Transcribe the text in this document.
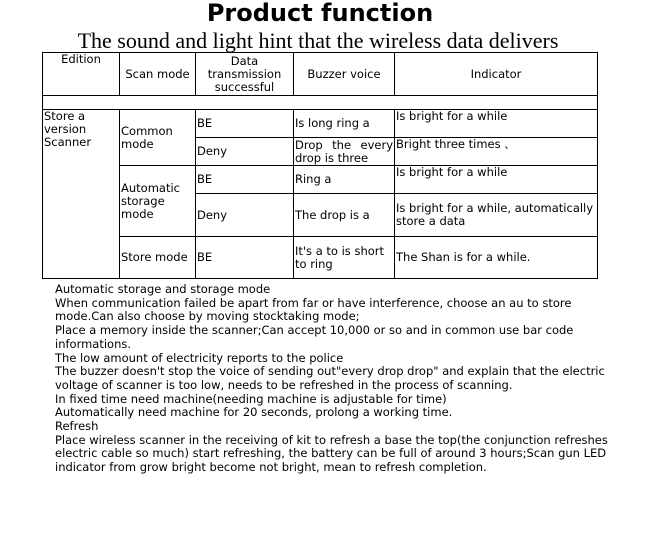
Product function
The sound and light hint that the wireless data delivers
Edition	Scan mode	Data transmission successful	Buzzer voice	Indicator

Store a version Scanner	Common mode	BE	Is long ring a	Is bright for a while
		Deny	Drop the every drop is three	Bright three times 、
	Automatic storage mode	BE	Ring a	Is bright for a while
		Deny	The drop is a	Is bright for a while, automatically store a data
	Store mode	BE	It's a to is short to ring	The Shan is for a while.
Automatic storage and storage mode
When communication failed be apart from far or have interference, choose an au to store mode.Can also choose by moving stocktaking mode;
Place a memory inside the scanner;Can accept 10,000 or so and in common use bar code informations.
The low amount of electricity reports to the police
The buzzer doesn't stop the voice of sending out"every drop drop" and explain that the electric voltage of scanner is too low, needs to be refreshed in the process of scanning.
In fixed time need machine(needing machine is adjustable for time)
Automatically need machine for 20 seconds, prolong a working time.
Refresh
Place wireless scanner in the receiving of kit to refresh a base the top(the conjunction refreshes electric cable so much) start refreshing, the battery can be full of around 3 hours;Scan gun LED indicator from grow bright become not bright, mean to refresh completion.
